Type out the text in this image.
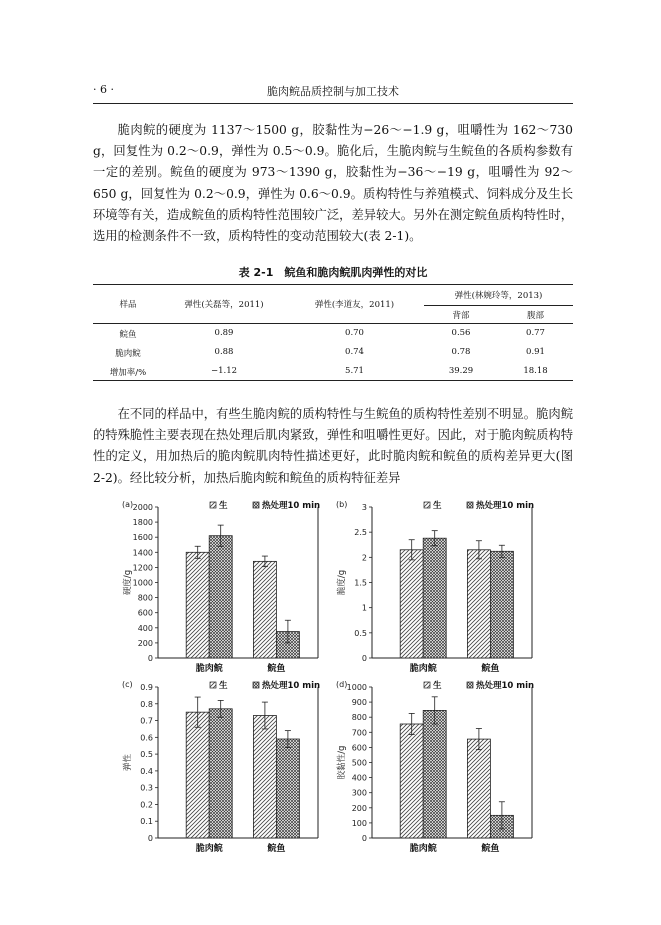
· 6 ·	脆肉鲩品质控制与加工技术

脆肉鲩的硬度为 1137～1500 g，胶黏性为−26～−1.9 g，咀嚼性为 162～730 g，回复性为 0.2～0.9，弹性为 0.5～0.9。脆化后，生脆肉鲩与生鲩鱼的各质构参数有一定的差别。鲩鱼的硬度为 973～1390 g，胶黏性为−36～−19 g，咀嚼性为 92～650 g，回复性为 0.2～0.9，弹性为 0.6～0.9。质构特性与养殖模式、饲料成分及生长环境等有关，造成鲩鱼的质构特性范围较广泛，差异较大。另外在测定鲩鱼质构特性时，选用的检测条件不一致，质构特性的变动范围较大(表 2-1)。

表 2-1　鲩鱼和脆肉鲩肌肉弹性的对比
样品	弹性(关磊等，2011)	弹性(李道友，2011)
弹性(林婉玲等，2013)
背部	腹部
鲩鱼	0.89	0.70	0.56	0.77
脆肉鲩	0.88	0.74	0.78	0.91
增加率/%	−1.12	5.71	39.29	18.18

在不同的样品中，有些生脆肉鲩的质构特性与生鲩鱼的质构特性差别不明显。脆肉鲩的特殊脆性主要表现在热处理后肌肉紧致，弹性和咀嚼性更好。因此，对于脆肉鲩质构特性的定义，用加热后的脆肉鲩肌肉特性描述更好，此时脆肉鲩和鲩鱼的质构差异更大(图 2-2)。经比较分析，加热后脆肉鲩和鲩鱼的质构特征差异

0
200
400
600
800
1000
1200
1400
1600
1800
2000
(a)
硬度/g
脆肉鲩	鲩鱼
生	热处理10 min
0
0.5
1
1.5
2
2.5
3
(b)
脆度/g
脆肉鲩	鲩鱼
生	热处理10 min
0
0.1
0.2
0.3
0.4
0.5
0.6
0.7
0.8
0.9
(c)
弹性
脆肉鲩	鲩鱼
生	热处理10 min
0
100
200
300
400
500
600
700
800
900
1000
(d)
胶黏性/g
脆肉鲩	鲩鱼
生	热处理10 min
